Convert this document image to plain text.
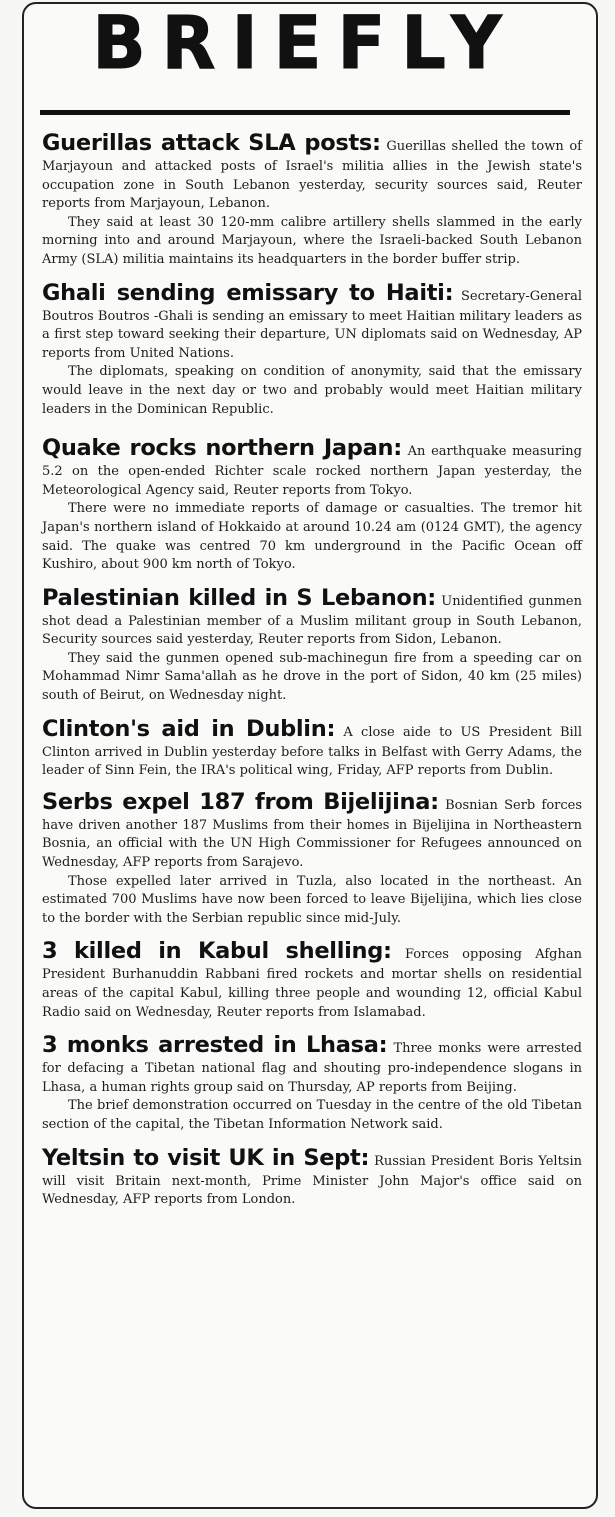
BRIEFLY

Guerillas attack SLA posts: Guerillas shelled the town of Marjayoun and attacked posts of Israel's militia allies in the Jewish state's occupation zone in South Lebanon yesterday, security sources said, Reuter reports from Marjayoun, Lebanon.

They said at least 30 120-mm calibre artillery shells slammed in the early morning into and around Marjayoun, where the Israeli-backed South Lebanon Army (SLA) militia maintains its headquarters in the border buffer strip.

Ghali sending emissary to Haiti: Secretary-General Boutros Boutros -Ghali is sending an emissary to meet Haitian military leaders as a first step toward seeking their departure, UN diplomats said on Wednesday, AP reports from United Nations.

The diplomats, speaking on condition of anonymity, said that the emissary would leave in the next day or two and probably would meet Haitian military leaders in the Dominican Republic.

Quake rocks northern Japan: An earthquake measuring 5.2 on the open-ended Richter scale rocked northern Japan yesterday, the Meteorological Agency said, Reuter reports from Tokyo.

There were no immediate reports of damage or casualties. The tremor hit Japan's northern island of Hokkaido at around 10.24 am (0124 GMT), the agency said. The quake was centred 70 km underground in the Pacific Ocean off Kushiro, about 900 km north of Tokyo.

Palestinian killed in S Lebanon: Unidentified gunmen shot dead a Palestinian member of a Muslim militant group in South Lebanon, Security sources said yesterday, Reuter reports from Sidon, Lebanon.

They said the gunmen opened sub-machinegun fire from a speeding car on Mohammad Nimr Sama'allah as he drove in the port of Sidon, 40 km (25 miles) south of Beirut, on Wednesday night.

Clinton's aid in Dublin: A close aide to US President Bill Clinton arrived in Dublin yesterday before talks in Belfast with Gerry Adams, the leader of Sinn Fein, the IRA's political wing, Friday, AFP reports from Dublin.

Serbs expel 187 from Bijelijina: Bosnian Serb forces have driven another 187 Muslims from their homes in Bijelijina in Northeastern Bosnia, an official with the UN High Commissioner for Refugees announced on Wednesday, AFP reports from Sarajevo.

Those expelled later arrived in Tuzla, also located in the northeast. An estimated 700 Muslims have now been forced to leave Bijelijina, which lies close to the border with the Serbian republic since mid-July.

3 killed in Kabul shelling: Forces opposing Afghan President Burhanuddin Rabbani fired rockets and mortar shells on residential areas of the capital Kabul, killing three people and wounding 12, official Kabul Radio said on Wednesday, Reuter reports from Islamabad.

3 monks arrested in Lhasa: Three monks were arrested for defacing a Tibetan national flag and shouting pro-independence slogans in Lhasa, a human rights group said on Thursday, AP reports from Beijing.

The brief demonstration occurred on Tuesday in the centre of the old Tibetan section of the capital, the Tibetan Information Network said.

Yeltsin to visit UK in Sept: Russian President Boris Yeltsin will visit Britain next-month, Prime Minister John Major's office said on Wednesday, AFP reports from London.
